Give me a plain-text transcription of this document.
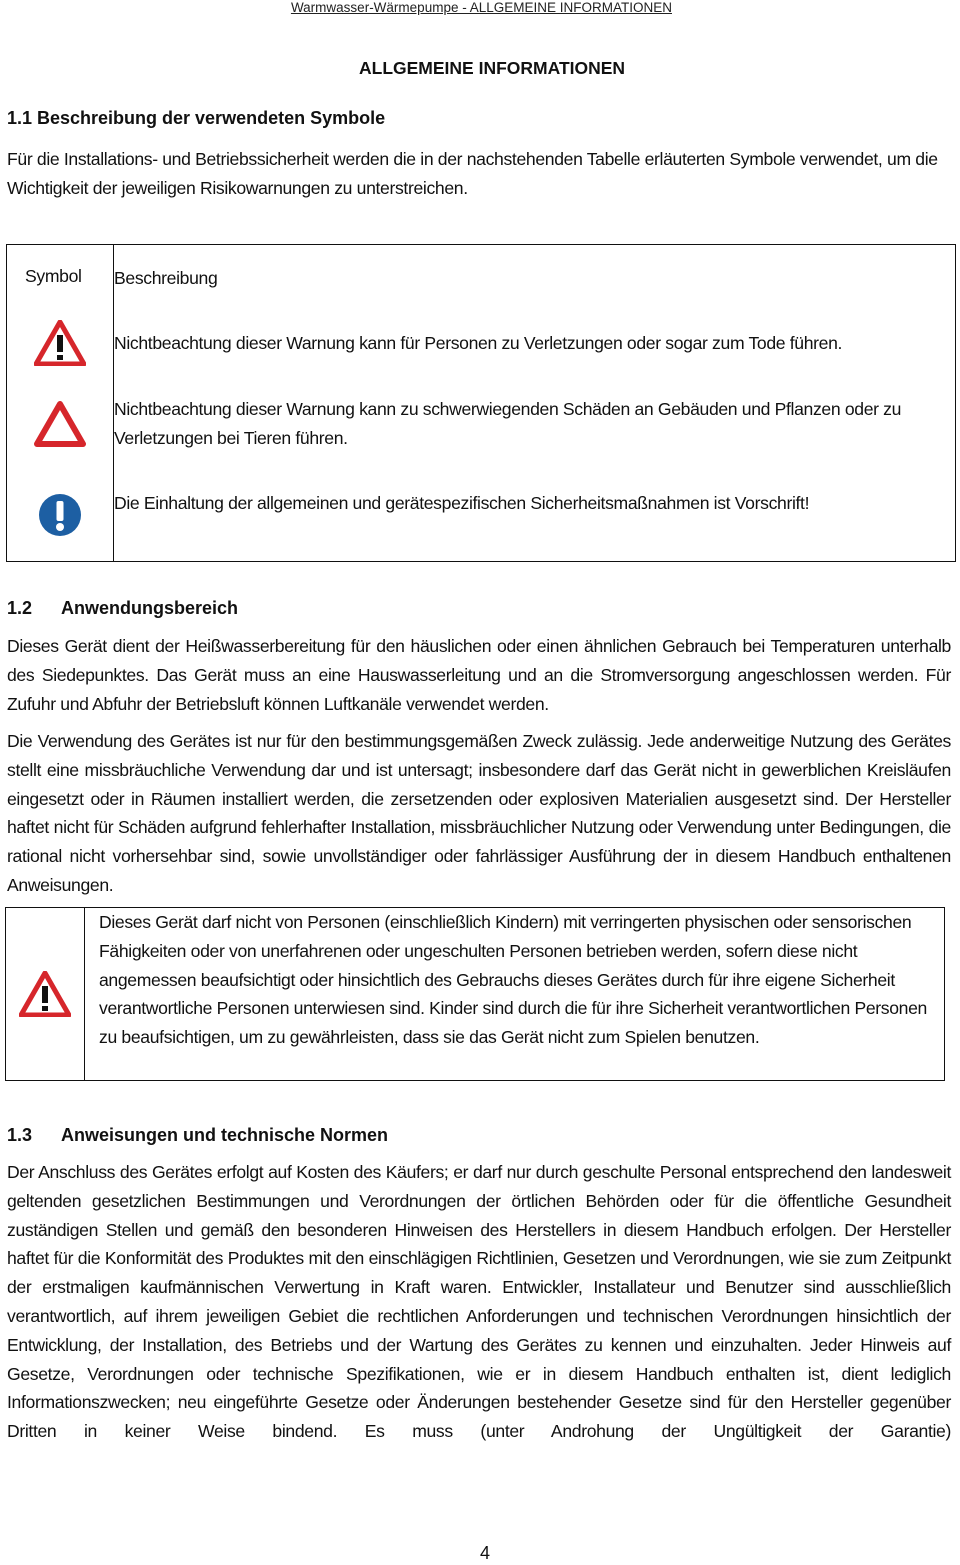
Warmwasser-Wärmepumpe - ALLGEMEINE INFORMATIONEN
ALLGEMEINE INFORMATIONEN
1.1 Beschreibung der verwendeten Symbole

Für die Installations- und Betriebssicherheit werden die in der nachstehenden Tabelle erläuterten Symbole verwendet, um die Wichtigkeit der jeweiligen Risikowarnungen zu unterstreichen.

Symbol	Beschreibung

	Nichtbeachtung dieser Warnung kann für Personen zu Verletzungen oder sogar zum Tode führen.

	Nichtbeachtung dieser Warnung kann zu schwerwiegenden Schäden an Gebäuden und Pflanzen oder zu Verletzungen bei Tieren führen.

	Die Einhaltung der allgemeinen und gerätespezifischen Sicherheitsmaßnahmen ist Vorschrift!
1.2 Anwendungsbereich

Dieses Gerät dient der Heißwasserbereitung für den häuslichen oder einen ähnlichen Gebrauch bei Temperaturen unterhalb des Siedepunktes. Das Gerät muss an eine Hauswasserleitung und an die Stromversorgung angeschlossen werden. Für Zufuhr und Abfuhr der Betriebsluft können Luftkanäle verwendet werden.

Die Verwendung des Gerätes ist nur für den bestimmungsgemäßen Zweck zulässig. Jede anderweitige Nutzung des Gerätes stellt eine missbräuchliche Verwendung dar und ist untersagt; insbesondere darf das Gerät nicht in gewerblichen Kreisläufen eingesetzt oder in Räumen installiert werden, die zersetzenden oder explosiven Materialien ausgesetzt sind. Der Hersteller haftet nicht für Schäden aufgrund fehlerhafter Installation, missbräuchlicher Nutzung oder Verwendung unter Bedingungen, die rational nicht vorhersehbar sind, sowie unvollständiger oder fahrlässiger Ausführung der in diesem Handbuch enthaltenen Anweisungen.

Dieses Gerät darf nicht von Personen (einschließlich Kindern) mit verringerten physischen oder sensorischen Fähigkeiten oder von unerfahrenen oder ungeschulten Personen betrieben werden, sofern diese nicht angemessen beaufsichtigt oder hinsichtlich des Gebrauchs dieses Gerätes durch für ihre eigene Sicherheit verantwortliche Personen unterwiesen sind. Kinder sind durch die für ihre Sicherheit verantwortlichen Personen zu beaufsichtigen, um zu gewährleisten, dass sie das Gerät nicht zum Spielen benutzen.
1.3 Anweisungen und technische Normen

Der Anschluss des Gerätes erfolgt auf Kosten des Käufers; er darf nur durch geschulte Personal entsprechend den landesweit geltenden gesetzlichen Bestimmungen und Verordnungen der örtlichen Behörden oder für die öffentliche Gesundheit zuständigen Stellen und gemäß den besonderen Hinweisen des Herstellers in diesem Handbuch erfolgen. Der Hersteller haftet für die Konformität des Produktes mit den einschlägigen Richtlinien, Gesetzen und Verordnungen, wie sie zum Zeitpunkt der erstmaligen kaufmännischen Verwertung in Kraft waren. Entwickler, Installateur und Benutzer sind ausschließlich verantwortlich, auf ihrem jeweiligen Gebiet die rechtlichen Anforderungen und technischen Verordnungen hinsichtlich der Entwicklung, der Installation, des Betriebs und der Wartung des Gerätes zu kennen und einzuhalten. Jeder Hinweis auf Gesetze, Verordnungen oder technische Spezifikationen, wie er in diesem Handbuch enthalten ist, dient lediglich Informationszwecken; neu eingeführte Gesetze oder Änderungen bestehender Gesetze sind für den Hersteller gegenüber Dritten in keiner Weise bindend. Es muss (unter Androhung der Ungültigkeit der Garantie)

4
